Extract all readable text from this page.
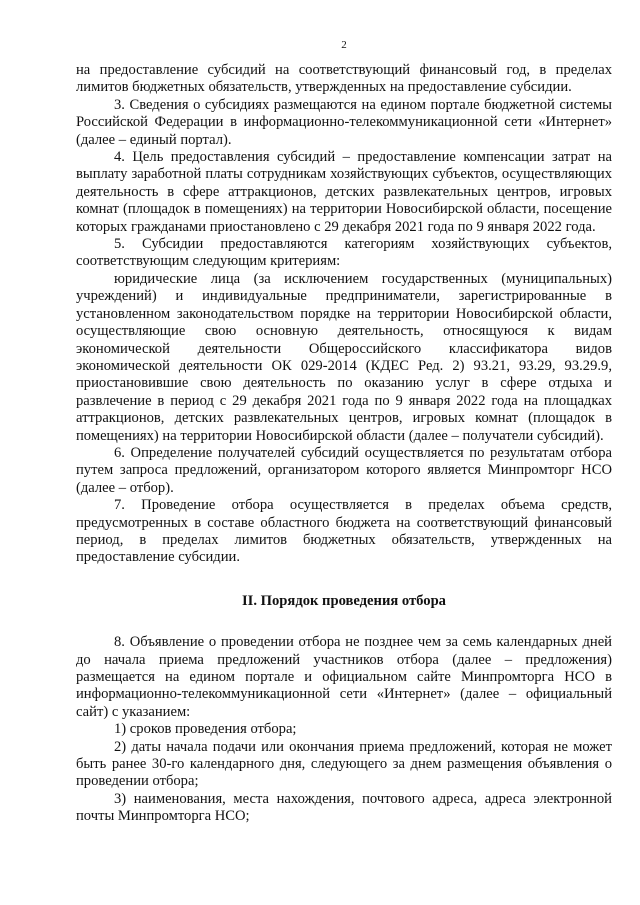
2

на предоставление субсидий на соответствующий финансовый год, в пределах лимитов бюджетных обязательств, утвержденных на предоставление субсидии.

3. Сведения о субсидиях размещаются на едином портале бюджетной системы Российской Федерации в информационно-телекоммуникационной сети «Интернет» (далее – единый портал).

4. Цель предоставления субсидий – предоставление компенсации затрат на выплату заработной платы сотрудникам хозяйствующих субъектов, осуществляющих деятельность в сфере аттракционов, детских развлекательных центров, игровых комнат (площадок в помещениях) на территории Новосибирской области, посещение которых гражданами приостановлено с 29 декабря 2021 года по 9 января 2022 года.

5. Субсидии предоставляются категориям хозяйствующих субъектов, соответствующим следующим критериям:

юридические лица (за исключением государственных (муниципальных) учреждений) и индивидуальные предприниматели, зарегистрированные в установленном законодательством порядке на территории Новосибирской области, осуществляющие свою основную деятельность, относящуюся к видам экономической деятельности Общероссийского классификатора видов экономической деятельности ОК 029-2014 (КДЕС Ред. 2) 93.21, 93.29, 93.29.9, приостановившие свою деятельность по оказанию услуг в сфере отдыха и развлечение в период с 29 декабря 2021 года по 9 января 2022 года на площадках аттракционов, детских развлекательных центров, игровых комнат (площадок в помещениях) на территории Новосибирской области (далее – получатели субсидий).

6. Определение получателей субсидий осуществляется по результатам отбора путем запроса предложений, организатором которого является Минпромторг НСО (далее – отбор).

7. Проведение отбора осуществляется в пределах объема средств, предусмотренных в составе областного бюджета на соответствующий финансовый период, в пределах лимитов бюджетных обязательств, утвержденных на предоставление субсидии.

II. Порядок проведения отбора

8. Объявление о проведении отбора не позднее чем за семь календарных дней до начала приема предложений участников отбора (далее – предложения) размещается на едином портале и официальном сайте Минпромторга НСО в информационно-телекоммуникационной сети «Интернет» (далее – официальный сайт) с указанием:

1) сроков проведения отбора;

2) даты начала подачи или окончания приема предложений, которая не может быть ранее 30-го календарного дня, следующего за днем размещения объявления о проведении отбора;

3) наименования, места нахождения, почтового адреса, адреса электронной почты Минпромторга НСО;
